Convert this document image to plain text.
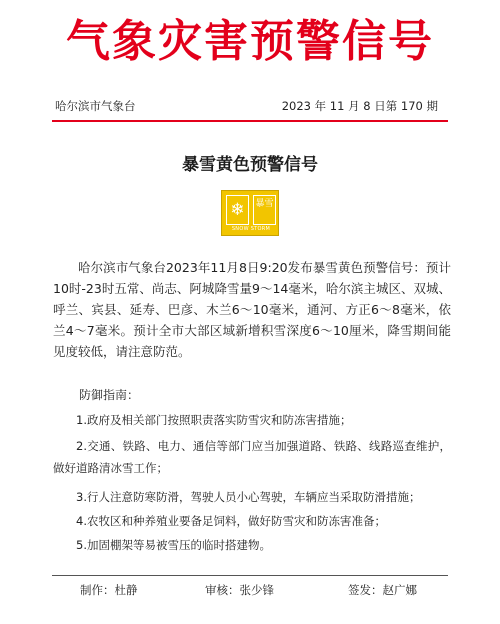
气象灾害预警信号
哈尔滨市气象台	2023 年 11 月 8 日第 170 期
暴雪黄色预警信号
❄	暴雪
SNOW STORM
哈尔滨市气象台2023年11月8日9:20发布暴雪黄色预警信号：预计10时-23时五常、尚志、阿城降雪量9～14毫米，哈尔滨主城区、双城、呼兰、宾县、延寿、巴彦、木兰6～10毫米，通河、方正6～8毫米，依兰4～7毫米。预计全市大部区域新增积雪深度6～10厘米，降雪期间能见度较低，请注意防范。
防御指南：
1.政府及相关部门按照职责落实防雪灾和防冻害措施；
2.交通、铁路、电力、通信等部门应当加强道路、铁路、线路巡查维护，做好道路清冰雪工作；
3.行人注意防寒防滑，驾驶人员小心驾驶，车辆应当采取防滑措施；
4.农牧区和种养殖业要备足饲料，做好防雪灾和防冻害准备；
5.加固棚架等易被雪压的临时搭建物。
制作：杜静	审核：张少锋	签发：赵广娜
